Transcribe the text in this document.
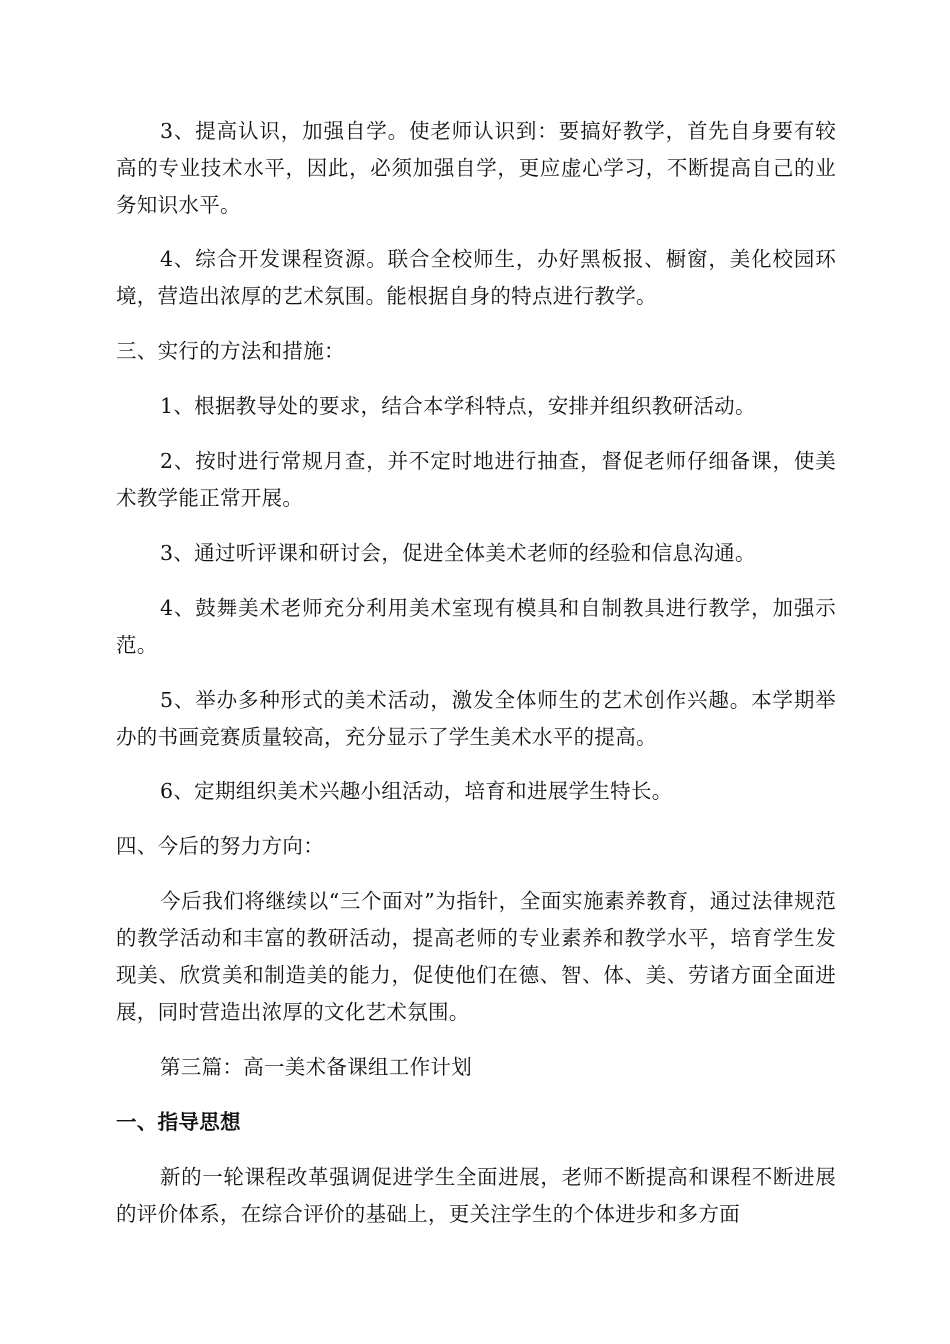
3、提高认识，加强自学。使老师认识到：要搞好教学，首先自身要有较高的专业技术水平，因此，必须加强自学，更应虚心学习，不断提高自己的业务知识水平。

4、综合开发课程资源。联合全校师生，办好黑板报、橱窗，美化校园环境，营造出浓厚的艺术氛围。能根据自身的特点进行教学。

三、实行的方法和措施：

1、根据教导处的要求，结合本学科特点，安排并组织教研活动。

2、按时进行常规月查，并不定时地进行抽查，督促老师仔细备课，使美术教学能正常开展。

3、通过听评课和研讨会，促进全体美术老师的经验和信息沟通。

4、鼓舞美术老师充分利用美术室现有模具和自制教具进行教学，加强示范。

5、举办多种形式的美术活动，激发全体师生的艺术创作兴趣。本学期举办的书画竞赛质量较高，充分显示了学生美术水平的提高。

6、定期组织美术兴趣小组活动，培育和进展学生特长。

四、今后的努力方向：

今后我们将继续以“三个面对”为指针，全面实施素养教育，通过法律规范的教学活动和丰富的教研活动，提高老师的专业素养和教学水平，培育学生发现美、欣赏美和制造美的能力，促使他们在德、智、体、美、劳诸方面全面进展，同时营造出浓厚的文化艺术氛围。

第三篇：高一美术备课组工作计划

一、指导思想

新的一轮课程改革强调促进学生全面进展，老师不断提高和课程不断进展的评价体系，在综合评价的基础上，更关注学生的个体进步和多方面
